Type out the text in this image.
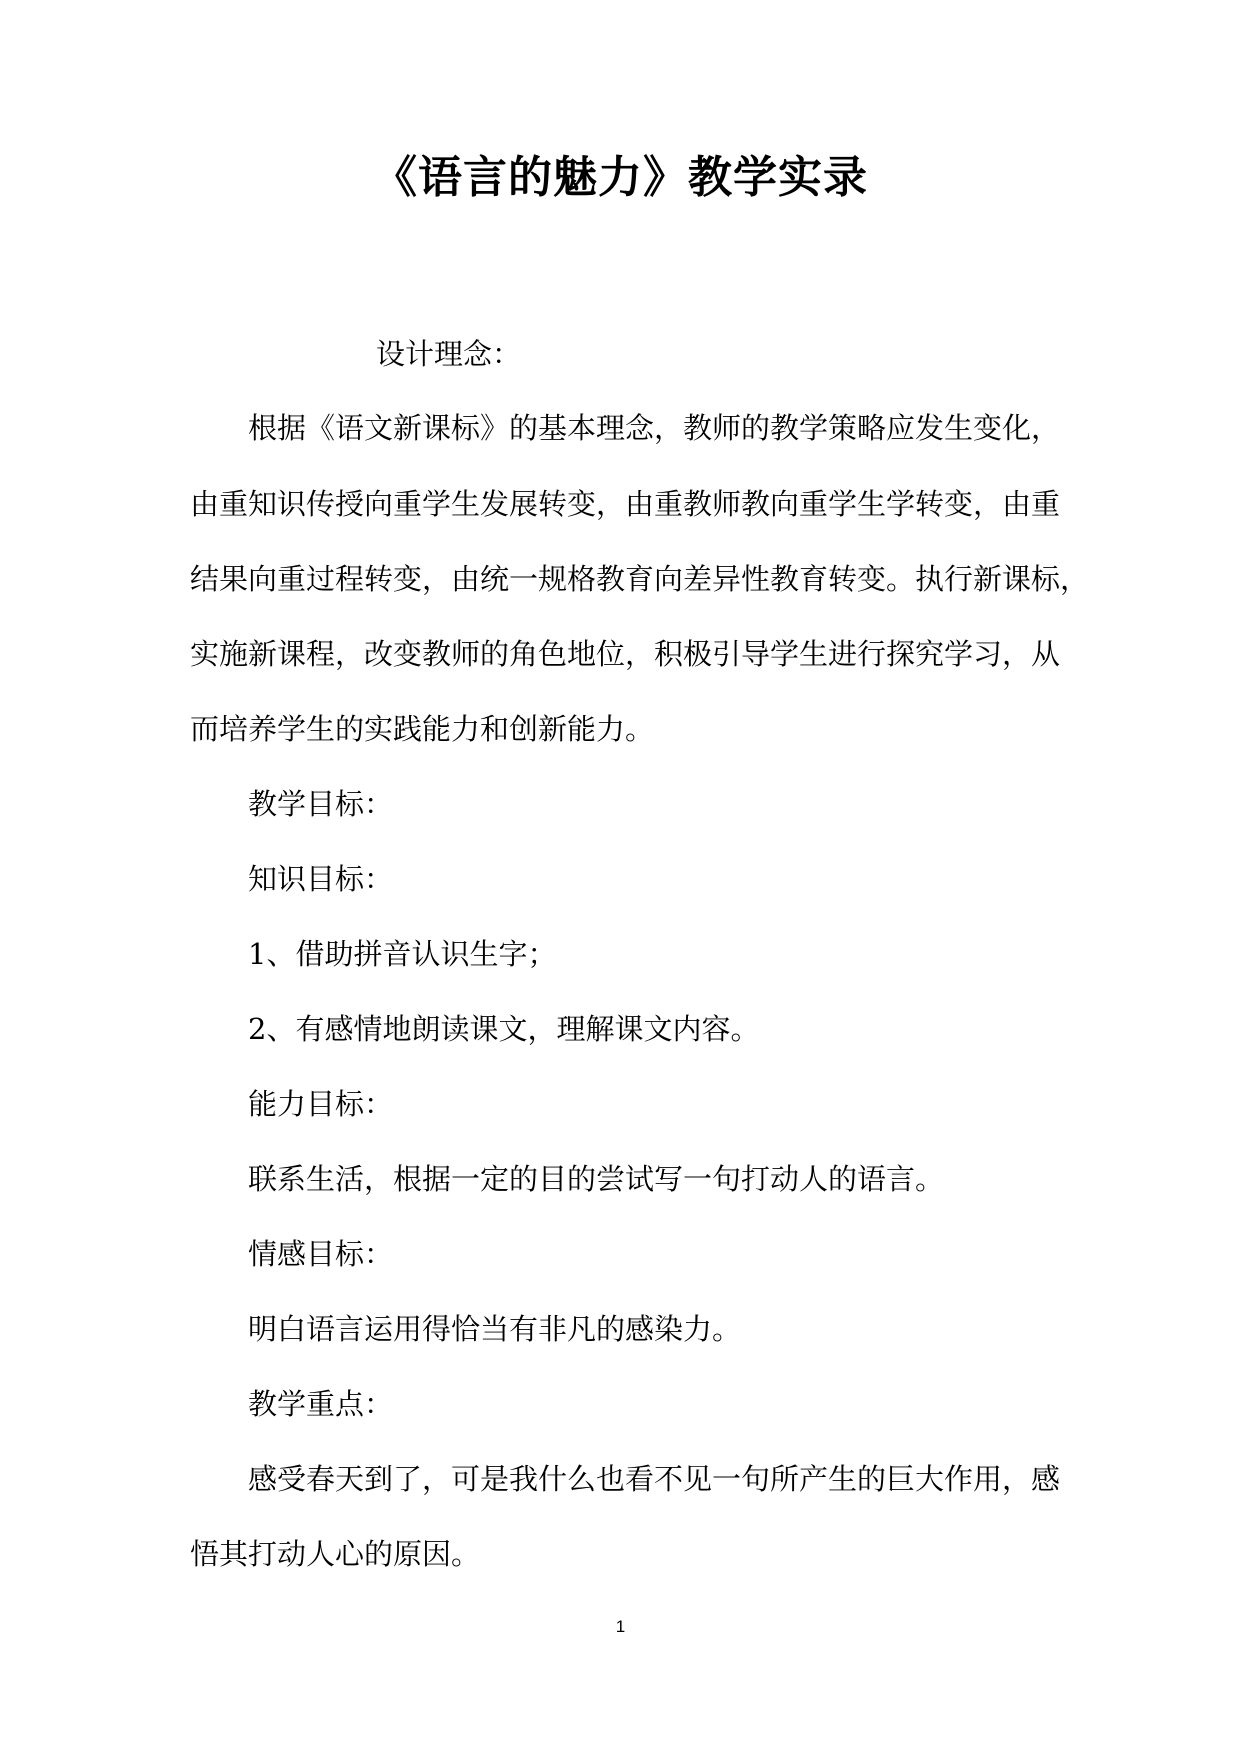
《语言的魅力》教学实录
设计理念：
根据《语文新课标》的基本理念，教师的教学策略应发生变化，
由重知识传授向重学生发展转变，由重教师教向重学生学转变，由重
结果向重过程转变，由统一规格教育向差异性教育转变。执行新课标，
实施新课程，改变教师的角色地位，积极引导学生进行探究学习，从
而培养学生的实践能力和创新能力。
教学目标：
知识目标：
1、借助拼音认识生字；
2、有感情地朗读课文，理解课文内容。
能力目标：
联系生活，根据一定的目的尝试写一句打动人的语言。
情感目标：
明白语言运用得恰当有非凡的感染力。
教学重点：
感受春天到了，可是我什么也看不见一句所产生的巨大作用，感
悟其打动人心的原因。
1
